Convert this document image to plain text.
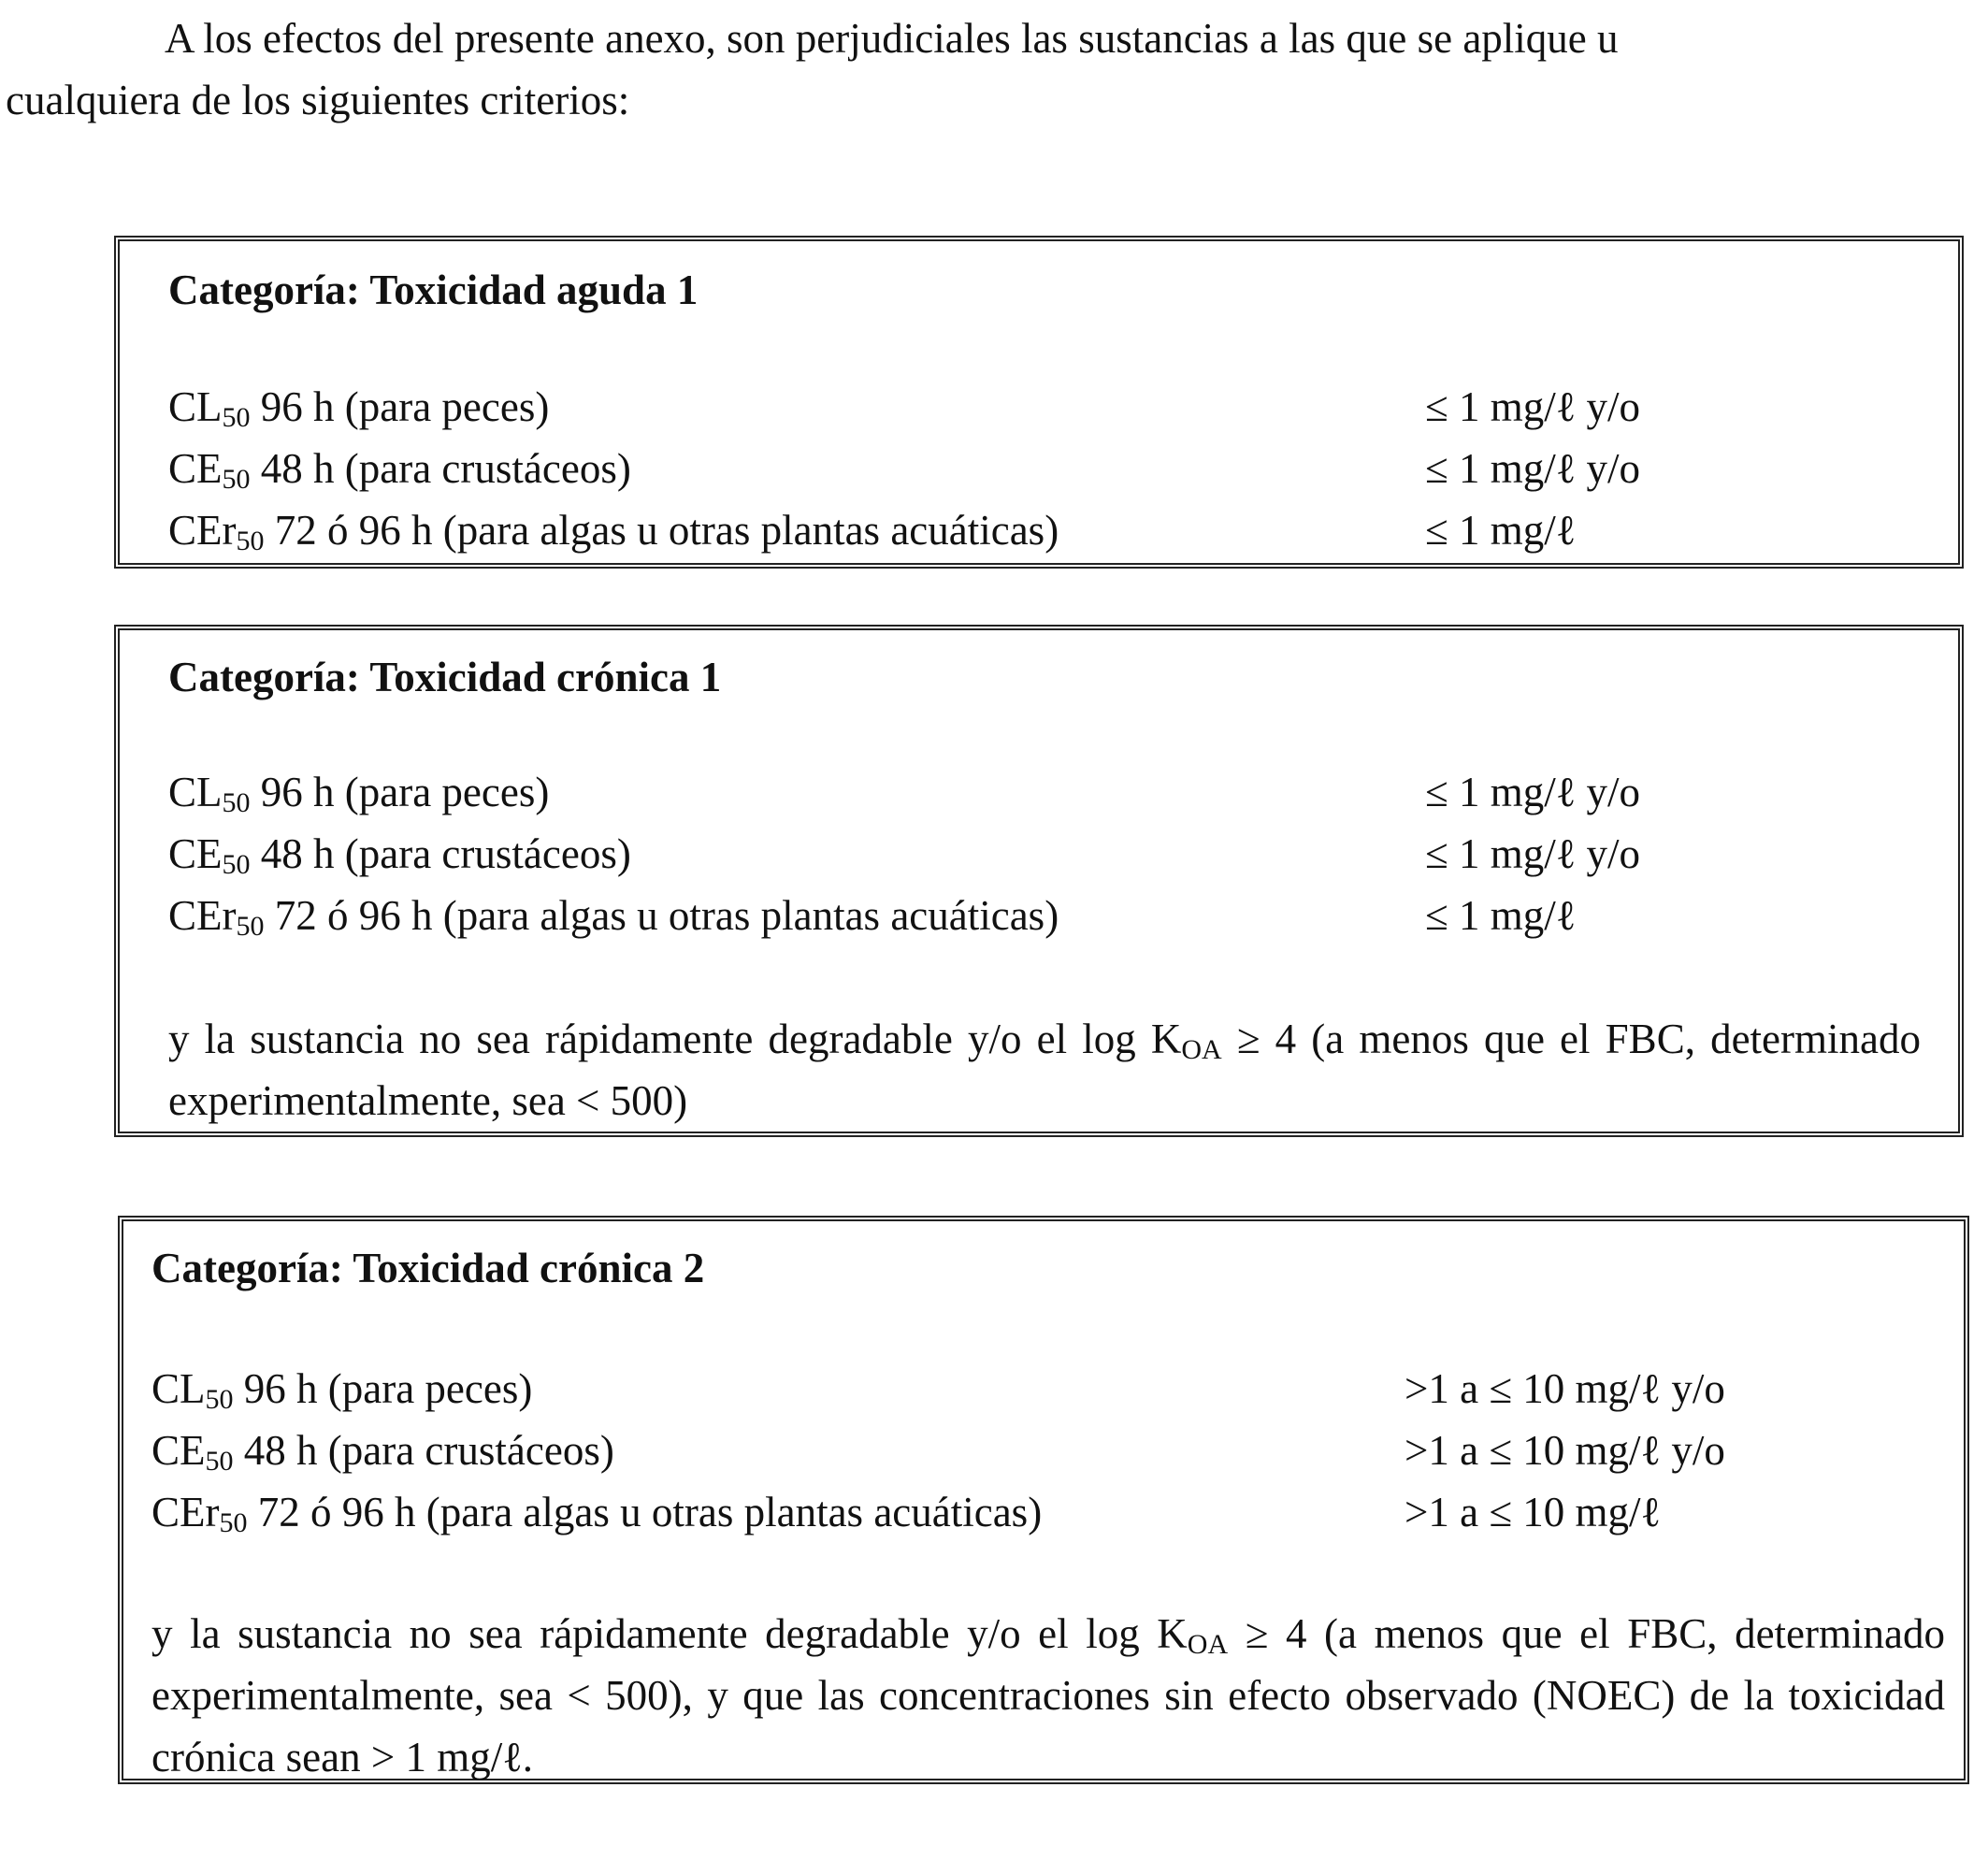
A los efectos del presente anexo, son perjudiciales las sustancias a las que se aplique u
cualquiera de los siguientes criterios:
Categoría: Toxicidad aguda 1
$CL_{50}$ 96 h (para peces)	≤ 1 mg/ℓ y/o
$CE_{50}$ 48 h (para crustáceos)	≤ 1 mg/ℓ y/o
CEr$_{50}$ 72 ó 96 h (para algas u otras plantas acuáticas)	≤ 1 mg/ℓ
Categoría: Toxicidad crónica 1
$CL_{50}$ 96 h (para peces)	≤ 1 mg/ℓ y/o
$CE_{50}$ 48 h (para crustáceos)	≤ 1 mg/ℓ y/o
CEr$_{50}$ 72 ó 96 h (para algas u otras plantas acuáticas)	≤ 1 mg/ℓ
y la sustancia no sea rápidamente degradable y/o el $\log K_{OA} \ge 4$ (a menos que el FBC, determinado experimentalmente, sea < 500)
Categoría: Toxicidad crónica 2
$CL_{50}$ 96 h (para peces)	>1 a ≤ 10 mg/ℓ y/o
$CE_{50}$ 48 h (para crustáceos)	>1 a ≤ 10 mg/ℓ y/o
CEr$_{50}$ 72 ó 96 h (para algas u otras plantas acuáticas)	>1 a ≤ 10 mg/ℓ
y la sustancia no sea rápidamente degradable y/o el $\log K_{OA} \ge 4$ (a menos que el FBC, determinado experimentalmente, sea < 500), y que las concentraciones sin efecto observado (NOEC) de la toxicidad crónica sean > 1 mg/ℓ.
